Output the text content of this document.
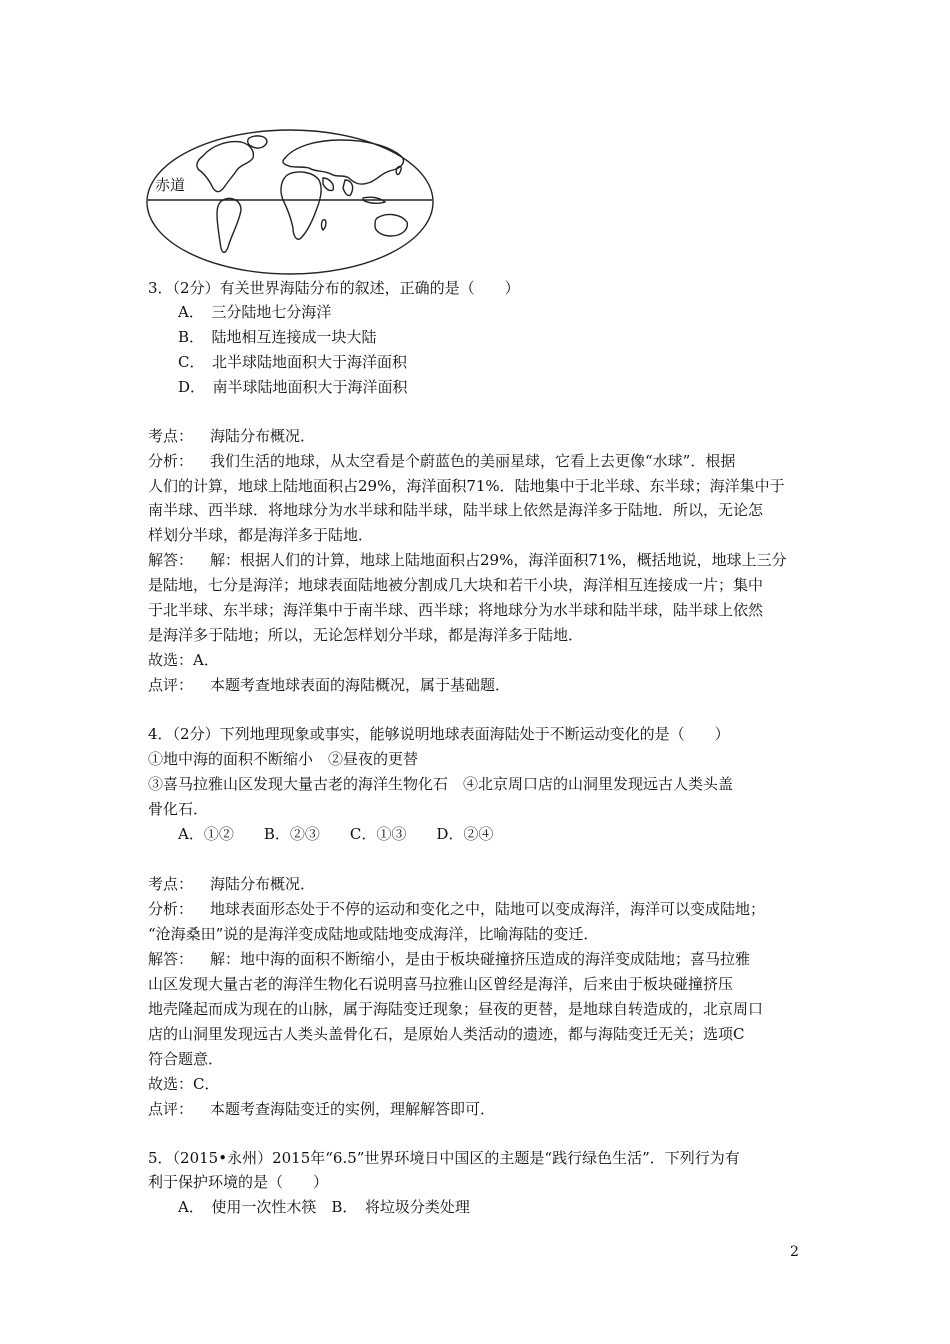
赤道
3．（2分）有关世界海陆分布的叙述，正确的是（　　）
A．　三分陆地七分海洋
B．　陆地相互连接成一块大陆
C．　北半球陆地面积大于海洋面积
D．　南半球陆地面积大于海洋面积
考点： 海陆分布概况．
分析： 我们生活的地球，从太空看是个蔚蓝色的美丽星球，它看上去更像“水球”．根据
人们的计算，地球上陆地面积占29%，海洋面积71%．陆地集中于北半球、东半球；海洋集中于
南半球、西半球．将地球分为水半球和陆半球，陆半球上依然是海洋多于陆地．所以，无论怎
样划分半球，都是海洋多于陆地．
解答： 解：根据人们的计算，地球上陆地面积占29%，海洋面积71%，概括地说，地球上三分
是陆地，七分是海洋；地球表面陆地被分割成几大块和若干小块，海洋相互连接成一片；集中
于北半球、东半球；海洋集中于南半球、西半球；将地球分为水半球和陆半球，陆半球上依然
是海洋多于陆地；所以，无论怎样划分半球，都是海洋多于陆地．
故选：A．
点评： 本题考查地球表面的海陆概况，属于基础题．
4．（2分）下列地理现象或事实，能够说明地球表面海陆处于不断运动变化的是（　　）
①地中海的面积不断缩小　②昼夜的更替
③喜马拉雅山区发现大量古老的海洋生物化石　④北京周口店的山洞里发现远古人类头盖
骨化石．
A．①②　　B．②③　　C．①③　　D．②④
考点： 海陆分布概况．
分析： 地球表面形态处于不停的运动和变化之中，陆地可以变成海洋，海洋可以变成陆地；
“沧海桑田”说的是海洋变成陆地或陆地变成海洋，比喻海陆的变迁．
解答： 解：地中海的面积不断缩小，是由于板块碰撞挤压造成的海洋变成陆地；喜马拉雅
山区发现大量古老的海洋生物化石说明喜马拉雅山区曾经是海洋，后来由于板块碰撞挤压
地壳隆起而成为现在的山脉，属于海陆变迁现象；昼夜的更替，是地球自转造成的，北京周口
店的山洞里发现远古人类头盖骨化石，是原始人类活动的遗迹，都与海陆变迁无关；选项C
符合题意．
故选：C．
点评： 本题考查海陆变迁的实例，理解解答即可．
5．（2015•永州）2015年“6.5”世界环境日中国区的主题是“践行绿色生活”．下列行为有
利于保护环境的是（　　）
A．　使用一次性木筷　B．　将垃圾分类处理
2
